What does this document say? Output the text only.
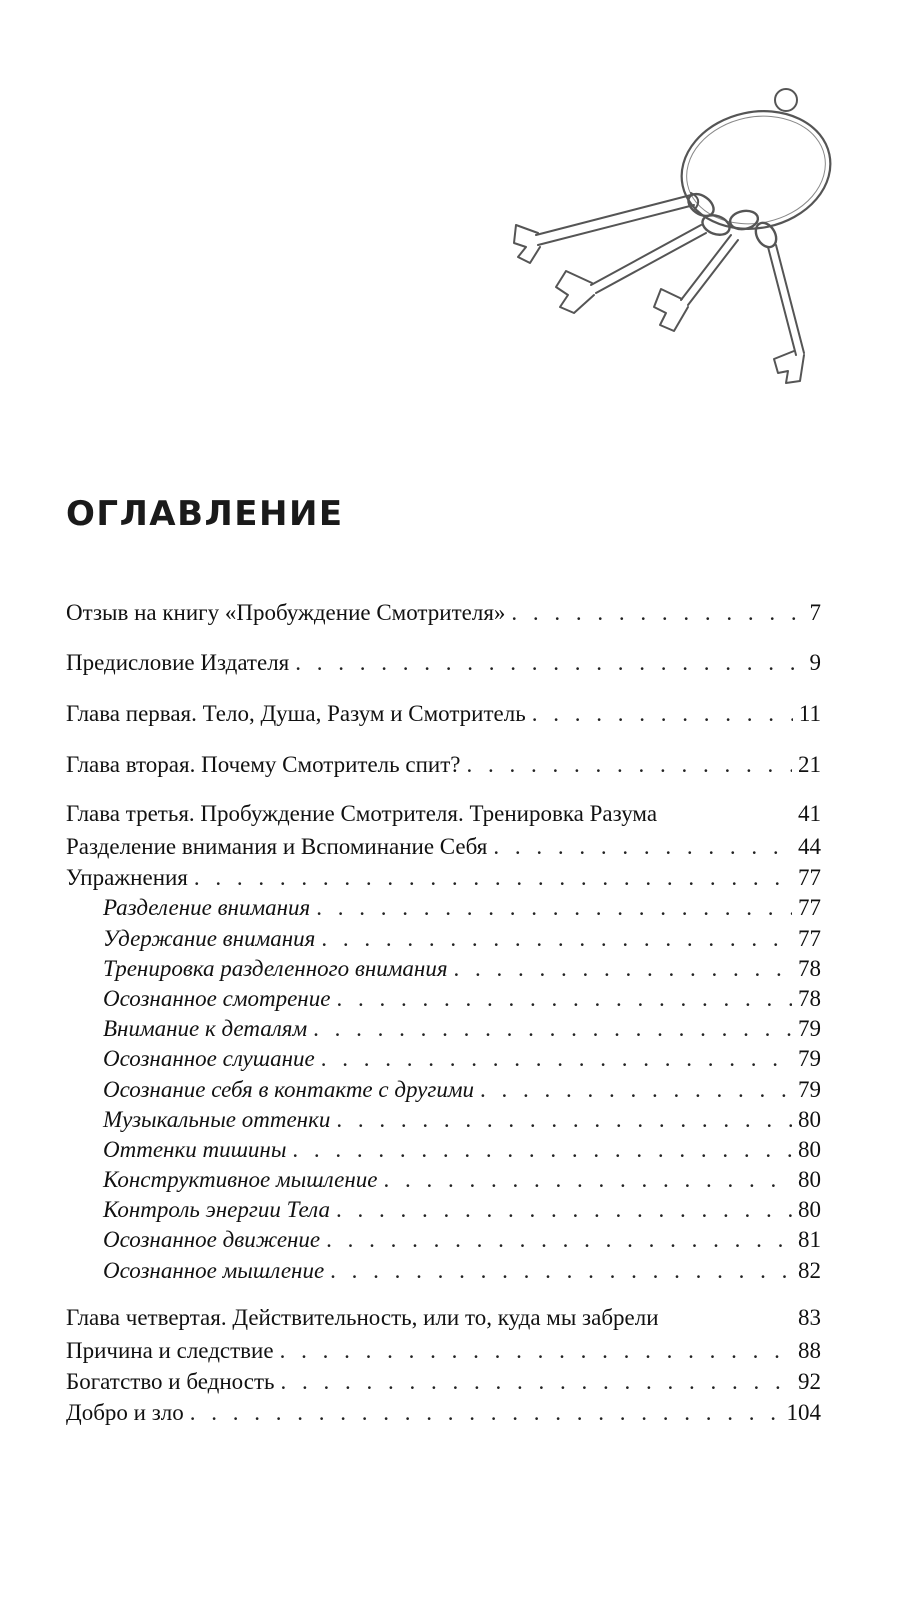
ОГЛАВЛЕНИЕ
Отзыв на книгу «Пробуждение Смотрителя» . . .	7
Предисловие Издателя . . .	9
Глава первая. Тело, Душа, Разум и Смотритель . . .	11
Глава вторая. Почему Смотритель спит? . . .	21
Глава третья. Пробуждение Смотрителя. Тренировка Разума	41
Разделение внимания и Вспоминание Себя . . .	44
Упражнения . . .	77
Разделение внимания . . .	77
Удержание внимания . . .	77
Тренировка разделенного внимания . . .	78
Осознанное смотрение . . .	78
Внимание к деталям . . .	79
Осознанное слушание . . .	79
Осознание себя в контакте с другими . . .	79
Музыкальные оттенки . . .	80
Оттенки тишины . . .	80
Конструктивное мышление . . .	80
Контроль энергии Тела . . .	80
Осознанное движение . . .	81
Осознанное мышление . . .	82
Глава четвертая. Действительность, или то, куда мы забрели	83
Причина и следствие . . .	88
Богатство и бедность . . .	92
Добро и зло . . .	104
